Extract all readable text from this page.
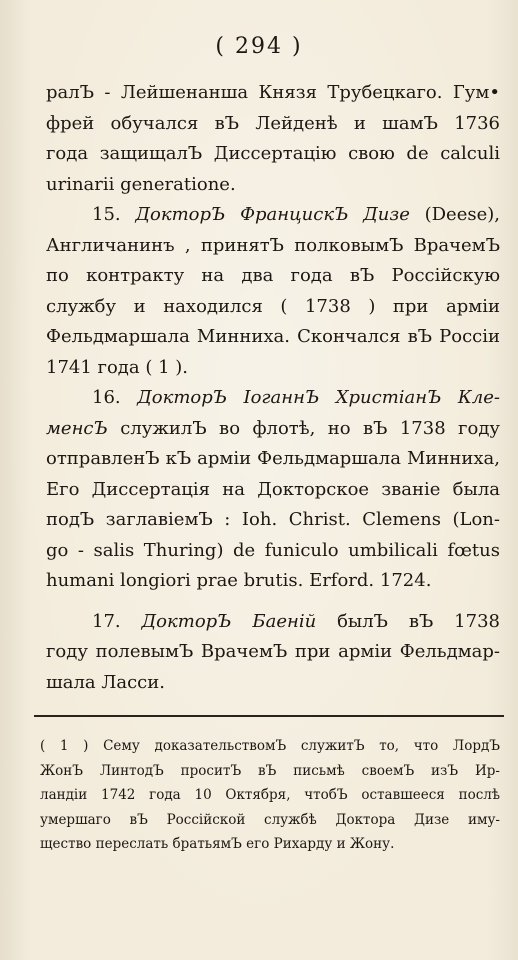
( 294 )
ралЪ - Лейшенанша Князя Трубецкаго. Гум•
фрей обучался вЪ Лейденѣ и шамЪ 1736
года защищалЪ Диссертацію свою de calculi
urinarii generatione.
15. ДокторЪ ФранцискЪ Дизе (Deese),
Англичанинъ , принятЪ полковымЪ ВрачемЪ
по контракту на два года вЪ Россійскую
службу и находился ( 1738 ) при арміи
Фельдмаршала Минниха. Скончался вЪ Россіи
1741 года ( 1 ).
16. ДокторЪ ІоганнЪ ХристіанЪ Кле-
менсЪ служилЪ во флотѣ, но вЪ 1738 году
отправленЪ кЪ арміи Фельдмаршала Минниха,
Его Диссертація на Докторское званіе была
подЪ заглавіемЪ : Ioh. Christ. Clemens (Lon-
go - salis Thuring) de funiculo umbilicali fœtus
humani longiori prae brutis. Erford. 1724.
17. ДокторЪ Баеній былЪ вЪ 1738
году полевымЪ ВрачемЪ при арміи Фельдмар-
шала Ласси.
( 1 ) Сему доказательствомЪ служитЪ то, что ЛордЪ
ЖонЪ ЛинтодЪ проситЪ вЪ письмѣ своемЪ изЪ Ир-
ландіи 1742 года 10 Октября, чтобЪ оставшееся послѣ
умершаго вЪ Россійской службѣ Доктора Дизе иму-
щество переслать братьямЪ его Рихарду и Жону.
